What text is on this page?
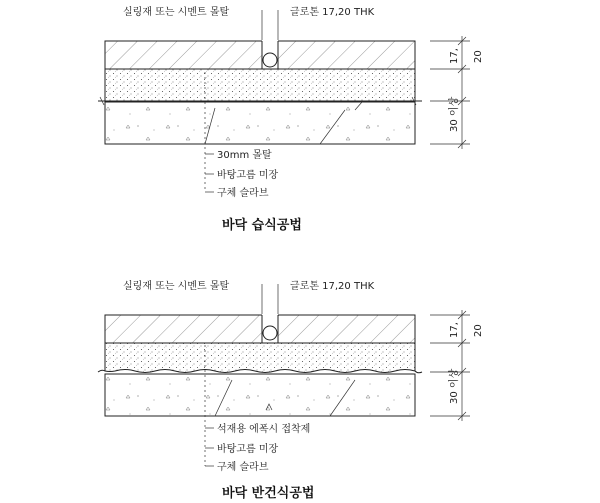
실링재 또는 시멘트 몰탈	글로톤 17,20 THK
17, 20
30 이상
30mm 몰탈
바탕고름 미장
구체 슬라브
바닥 습식공법
실링재 또는 시멘트 몰탈	글로톤 17,20 THK
17, 20
30 이상
석재용 에폭시 접착제
바탕고름 미장
구체 슬라브
바닥 반건식공법
